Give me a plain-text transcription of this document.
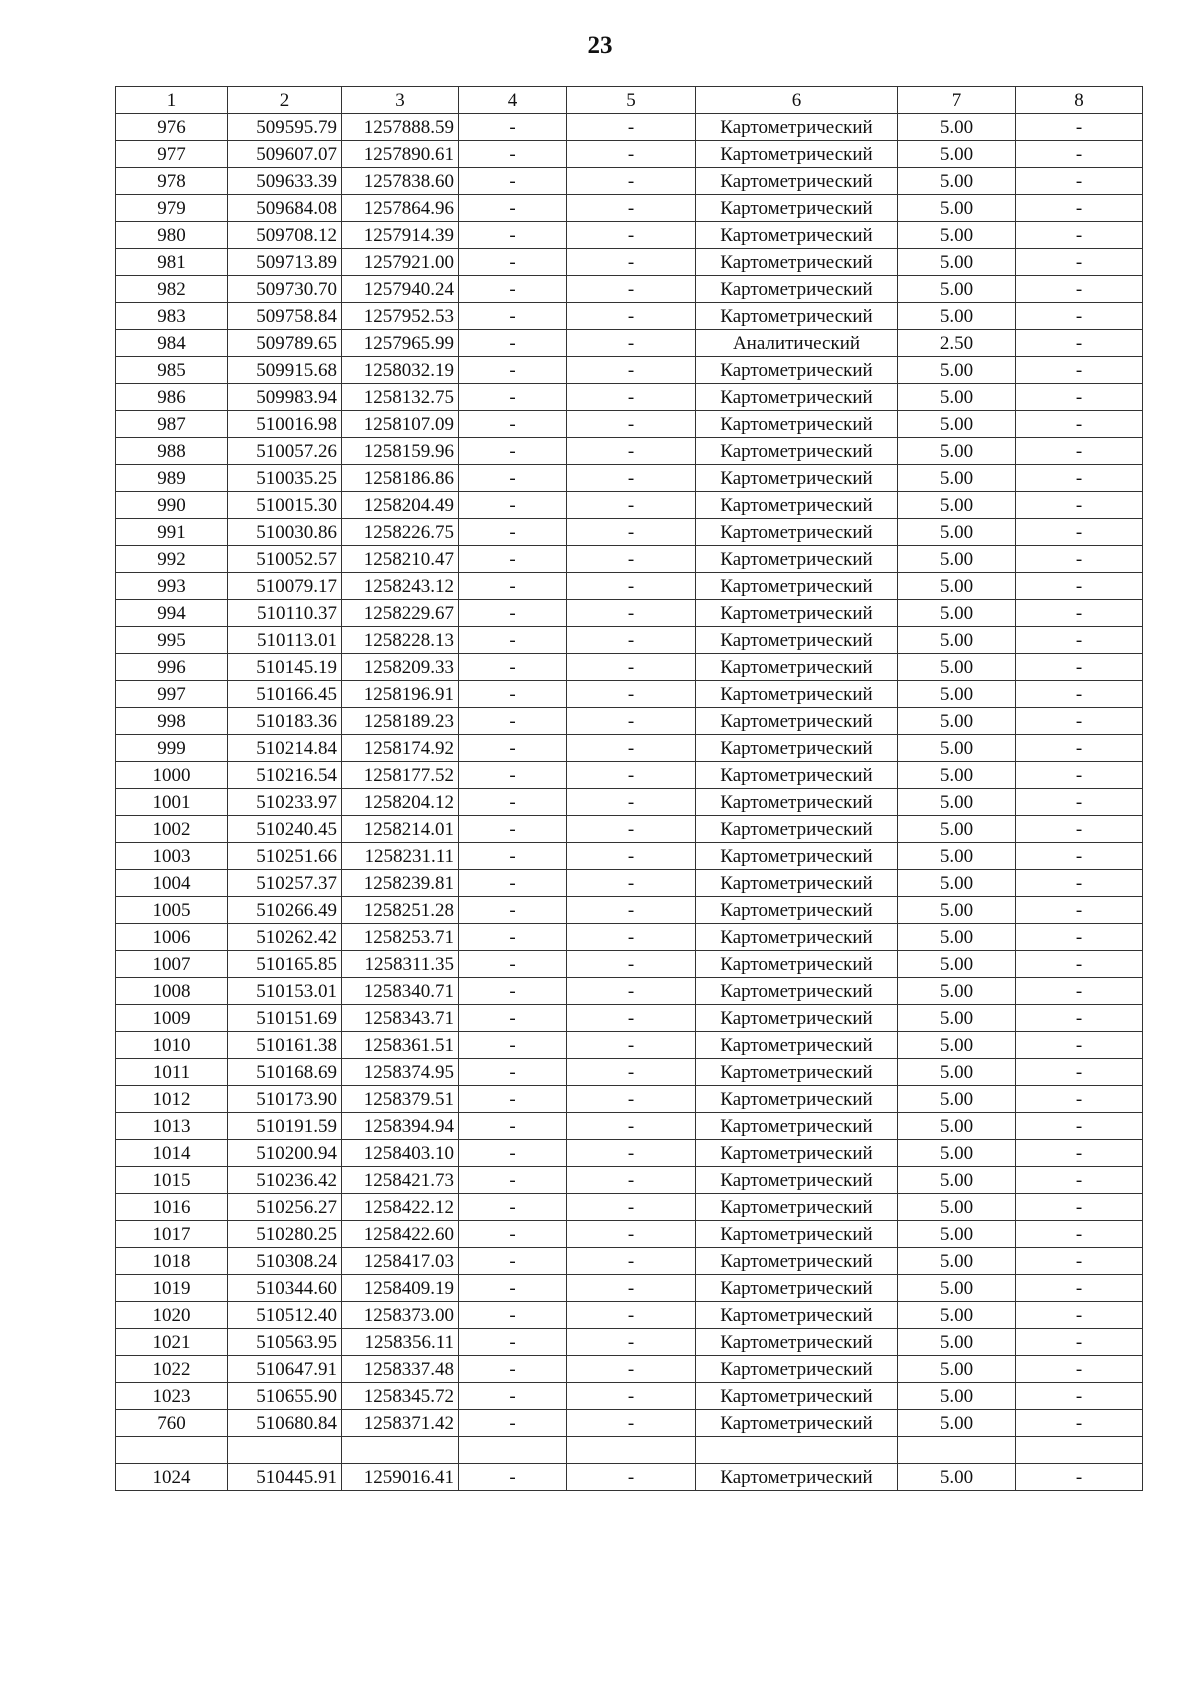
23
1	2	3	4	5	6	7	8
976	509595.79	1257888.59	-	-	Картометрический	5.00	-
977	509607.07	1257890.61	-	-	Картометрический	5.00	-
978	509633.39	1257838.60	-	-	Картометрический	5.00	-
979	509684.08	1257864.96	-	-	Картометрический	5.00	-
980	509708.12	1257914.39	-	-	Картометрический	5.00	-
981	509713.89	1257921.00	-	-	Картометрический	5.00	-
982	509730.70	1257940.24	-	-	Картометрический	5.00	-
983	509758.84	1257952.53	-	-	Картометрический	5.00	-
984	509789.65	1257965.99	-	-	Аналитический	2.50	-
985	509915.68	1258032.19	-	-	Картометрический	5.00	-
986	509983.94	1258132.75	-	-	Картометрический	5.00	-
987	510016.98	1258107.09	-	-	Картометрический	5.00	-
988	510057.26	1258159.96	-	-	Картометрический	5.00	-
989	510035.25	1258186.86	-	-	Картометрический	5.00	-
990	510015.30	1258204.49	-	-	Картометрический	5.00	-
991	510030.86	1258226.75	-	-	Картометрический	5.00	-
992	510052.57	1258210.47	-	-	Картометрический	5.00	-
993	510079.17	1258243.12	-	-	Картометрический	5.00	-
994	510110.37	1258229.67	-	-	Картометрический	5.00	-
995	510113.01	1258228.13	-	-	Картометрический	5.00	-
996	510145.19	1258209.33	-	-	Картометрический	5.00	-
997	510166.45	1258196.91	-	-	Картометрический	5.00	-
998	510183.36	1258189.23	-	-	Картометрический	5.00	-
999	510214.84	1258174.92	-	-	Картометрический	5.00	-
1000	510216.54	1258177.52	-	-	Картометрический	5.00	-
1001	510233.97	1258204.12	-	-	Картометрический	5.00	-
1002	510240.45	1258214.01	-	-	Картометрический	5.00	-
1003	510251.66	1258231.11	-	-	Картометрический	5.00	-
1004	510257.37	1258239.81	-	-	Картометрический	5.00	-
1005	510266.49	1258251.28	-	-	Картометрический	5.00	-
1006	510262.42	1258253.71	-	-	Картометрический	5.00	-
1007	510165.85	1258311.35	-	-	Картометрический	5.00	-
1008	510153.01	1258340.71	-	-	Картометрический	5.00	-
1009	510151.69	1258343.71	-	-	Картометрический	5.00	-
1010	510161.38	1258361.51	-	-	Картометрический	5.00	-
1011	510168.69	1258374.95	-	-	Картометрический	5.00	-
1012	510173.90	1258379.51	-	-	Картометрический	5.00	-
1013	510191.59	1258394.94	-	-	Картометрический	5.00	-
1014	510200.94	1258403.10	-	-	Картометрический	5.00	-
1015	510236.42	1258421.73	-	-	Картометрический	5.00	-
1016	510256.27	1258422.12	-	-	Картометрический	5.00	-
1017	510280.25	1258422.60	-	-	Картометрический	5.00	-
1018	510308.24	1258417.03	-	-	Картометрический	5.00	-
1019	510344.60	1258409.19	-	-	Картометрический	5.00	-
1020	510512.40	1258373.00	-	-	Картометрический	5.00	-
1021	510563.95	1258356.11	-	-	Картометрический	5.00	-
1022	510647.91	1258337.48	-	-	Картометрический	5.00	-
1023	510655.90	1258345.72	-	-	Картометрический	5.00	-
760	510680.84	1258371.42	-	-	Картометрический	5.00	-

1024	510445.91	1259016.41	-	-	Картометрический	5.00	-
